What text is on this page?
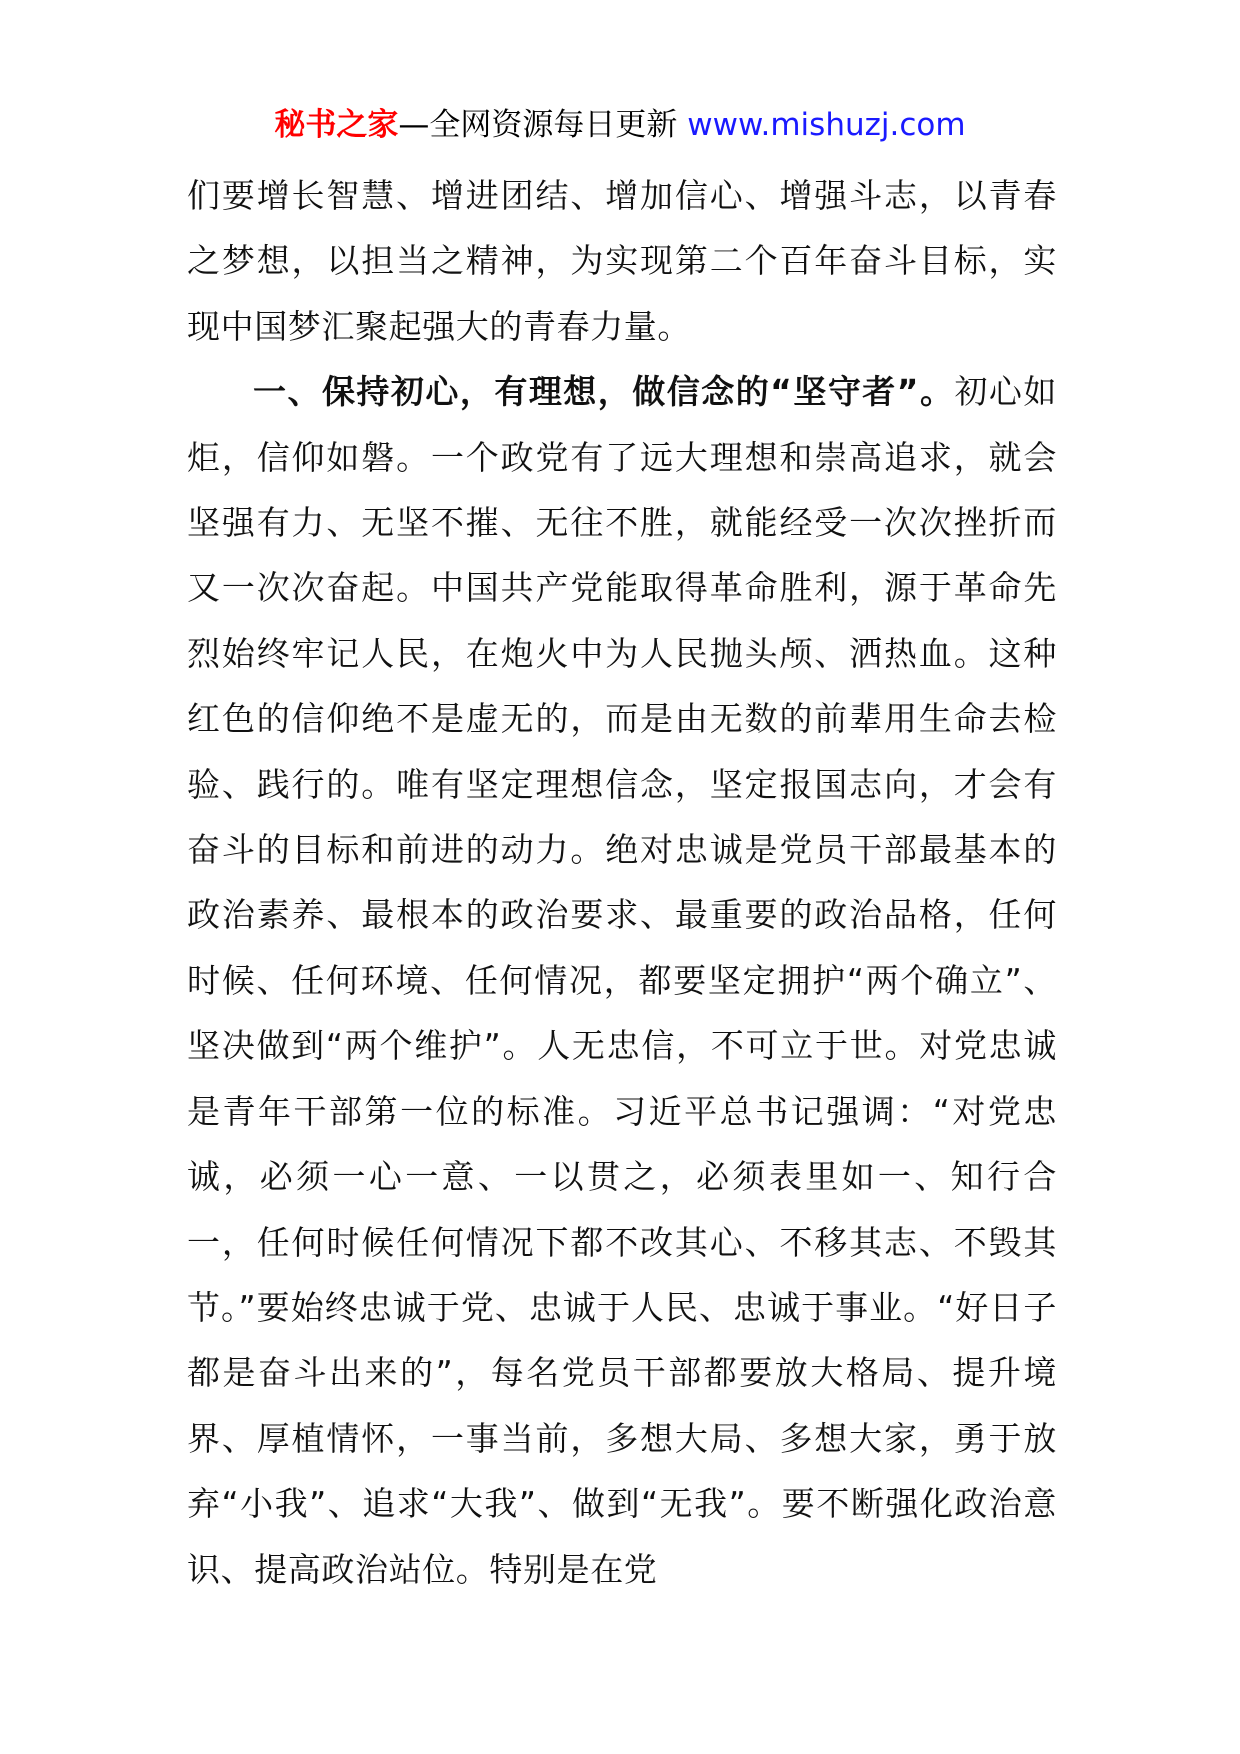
秘书之家—全网资源每日更新 www.mishuzj.com

们要增长智慧、增进团结、增加信心、增强斗志，以青春之梦想，以担当之精神，为实现第二个百年奋斗目标，实现中国梦汇聚起强大的青春力量。

一、保持初心，有理想，做信念的“坚守者”。初心如炬，信仰如磐。一个政党有了远大理想和崇高追求，就会坚强有力、无坚不摧、无往不胜，就能经受一次次挫折而又一次次奋起。中国共产党能取得革命胜利，源于革命先烈始终牢记人民，在炮火中为人民抛头颅、洒热血。这种红色的信仰绝不是虚无的，而是由无数的前辈用生命去检验、践行的。唯有坚定理想信念，坚定报国志向，才会有奋斗的目标和前进的动力。绝对忠诚是党员干部最基本的政治素养、最根本的政治要求、最重要的政治品格，任何时候、任何环境、任何情况，都要坚定拥护“两个确立”、坚决做到“两个维护”。人无忠信，不可立于世。对党忠诚是青年干部第一位的标准。习近平总书记强调：“对党忠诚，必须一心一意、一以贯之，必须表里如一、知行合一，任何时候任何情况下都不改其心、不移其志、不毁其节。”要始终忠诚于党、忠诚于人民、忠诚于事业。“好日子都是奋斗出来的”，每名党员干部都要放大格局、提升境界、厚植情怀，一事当前，多想大局、多想大家，勇于放弃“小我”、追求“大我”、做到“无我”。要不断强化政治意识、提高政治站位。特别是在党
